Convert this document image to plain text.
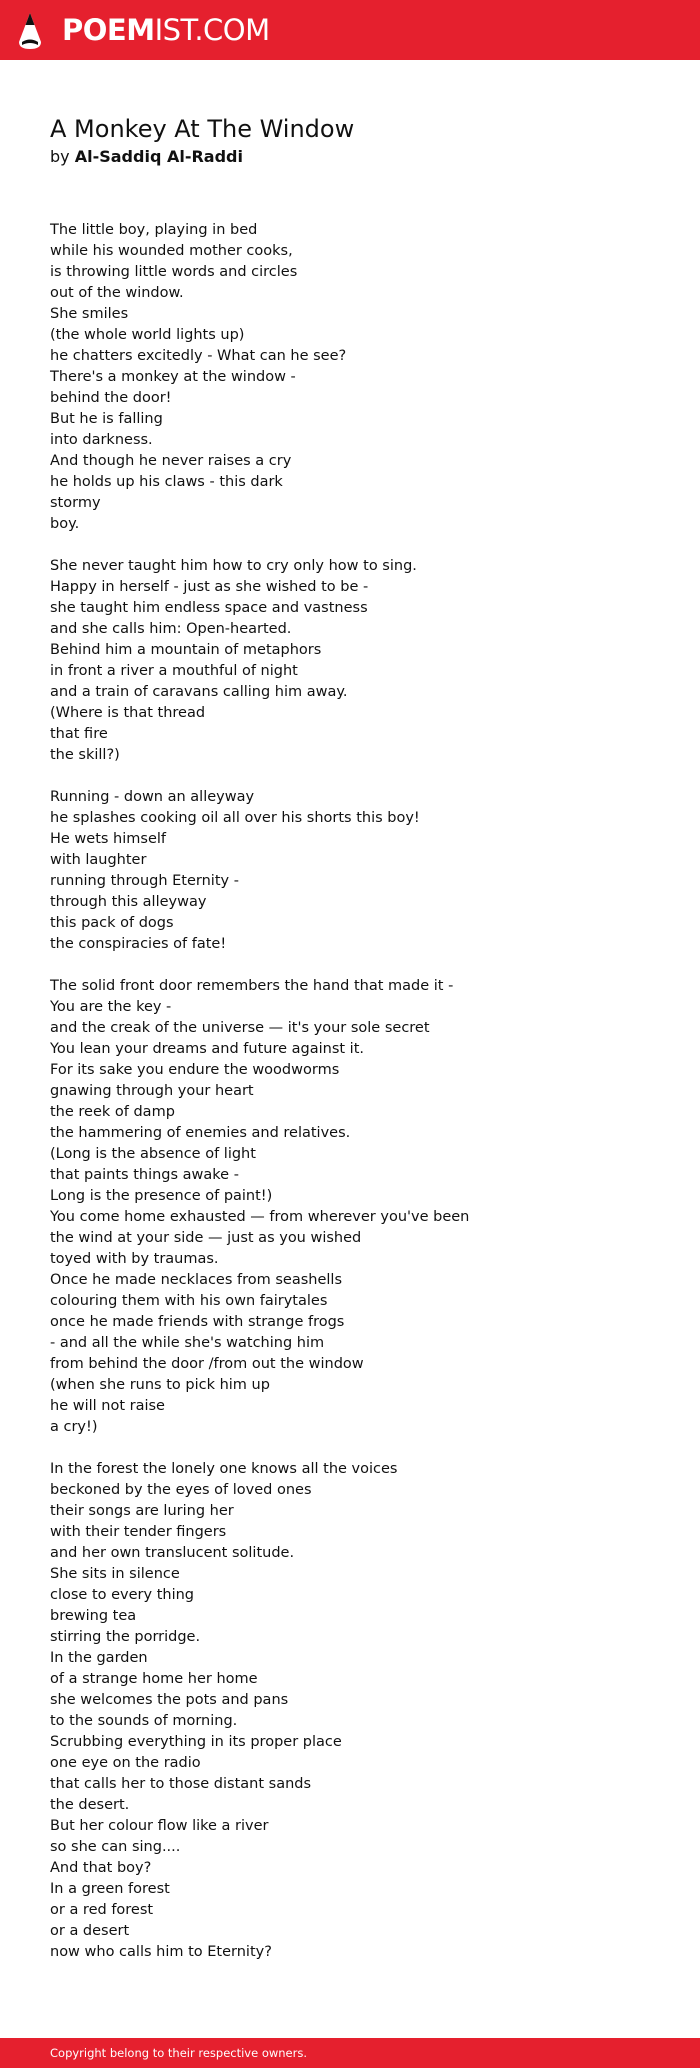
POEMIST.COM
A Monkey At The Window

by Al-Saddiq Al-Raddi

The little boy, playing in bed
while his wounded mother cooks,
is throwing little words and circles
out of the window.
She smiles
(the whole world lights up)
he chatters excitedly - What can he see?
There's a monkey at the window -
behind the door!
But he is falling
into darkness.
And though he never raises a cry
he holds up his claws - this dark
stormy
boy.
She never taught him how to cry only how to sing.
Happy in herself - just as she wished to be -
she taught him endless space and vastness
and she calls him: Open-hearted.
Behind him a mountain of metaphors
in front a river a mouthful of night
and a train of caravans calling him away.
(Where is that thread
that fire
the skill?)
Running - down an alleyway
he splashes cooking oil all over his shorts this boy!
He wets himself
with laughter
running through Eternity -
through this alleyway
this pack of dogs
the conspiracies of fate!
The solid front door remembers the hand that made it -
You are the key -
and the creak of the universe — it's your sole secret
You lean your dreams and future against it.
For its sake you endure the woodworms
gnawing through your heart
the reek of damp
the hammering of enemies and relatives.
(Long is the absence of light
that paints things awake -
Long is the presence of paint!)
You come home exhausted — from wherever you've been
the wind at your side — just as you wished
toyed with by traumas.
Once he made necklaces from seashells
colouring them with his own fairytales
once he made friends with strange frogs
- and all the while she's watching him
from behind the door /from out the window
(when she runs to pick him up
he will not raise
a cry!)
In the forest the lonely one knows all the voices
beckoned by the eyes of loved ones
their songs are luring her
with their tender fingers
and her own translucent solitude.
She sits in silence
close to every thing
brewing tea
stirring the porridge.
In the garden
of a strange home her home
she welcomes the pots and pans
to the sounds of morning.
Scrubbing everything in its proper place
one eye on the radio
that calls her to those distant sands
the desert.
But her colour flow like a river
so she can sing....
And that boy?
In a green forest
or a red forest
or a desert
now who calls him to Eternity?
Copyright belong to their respective owners.
